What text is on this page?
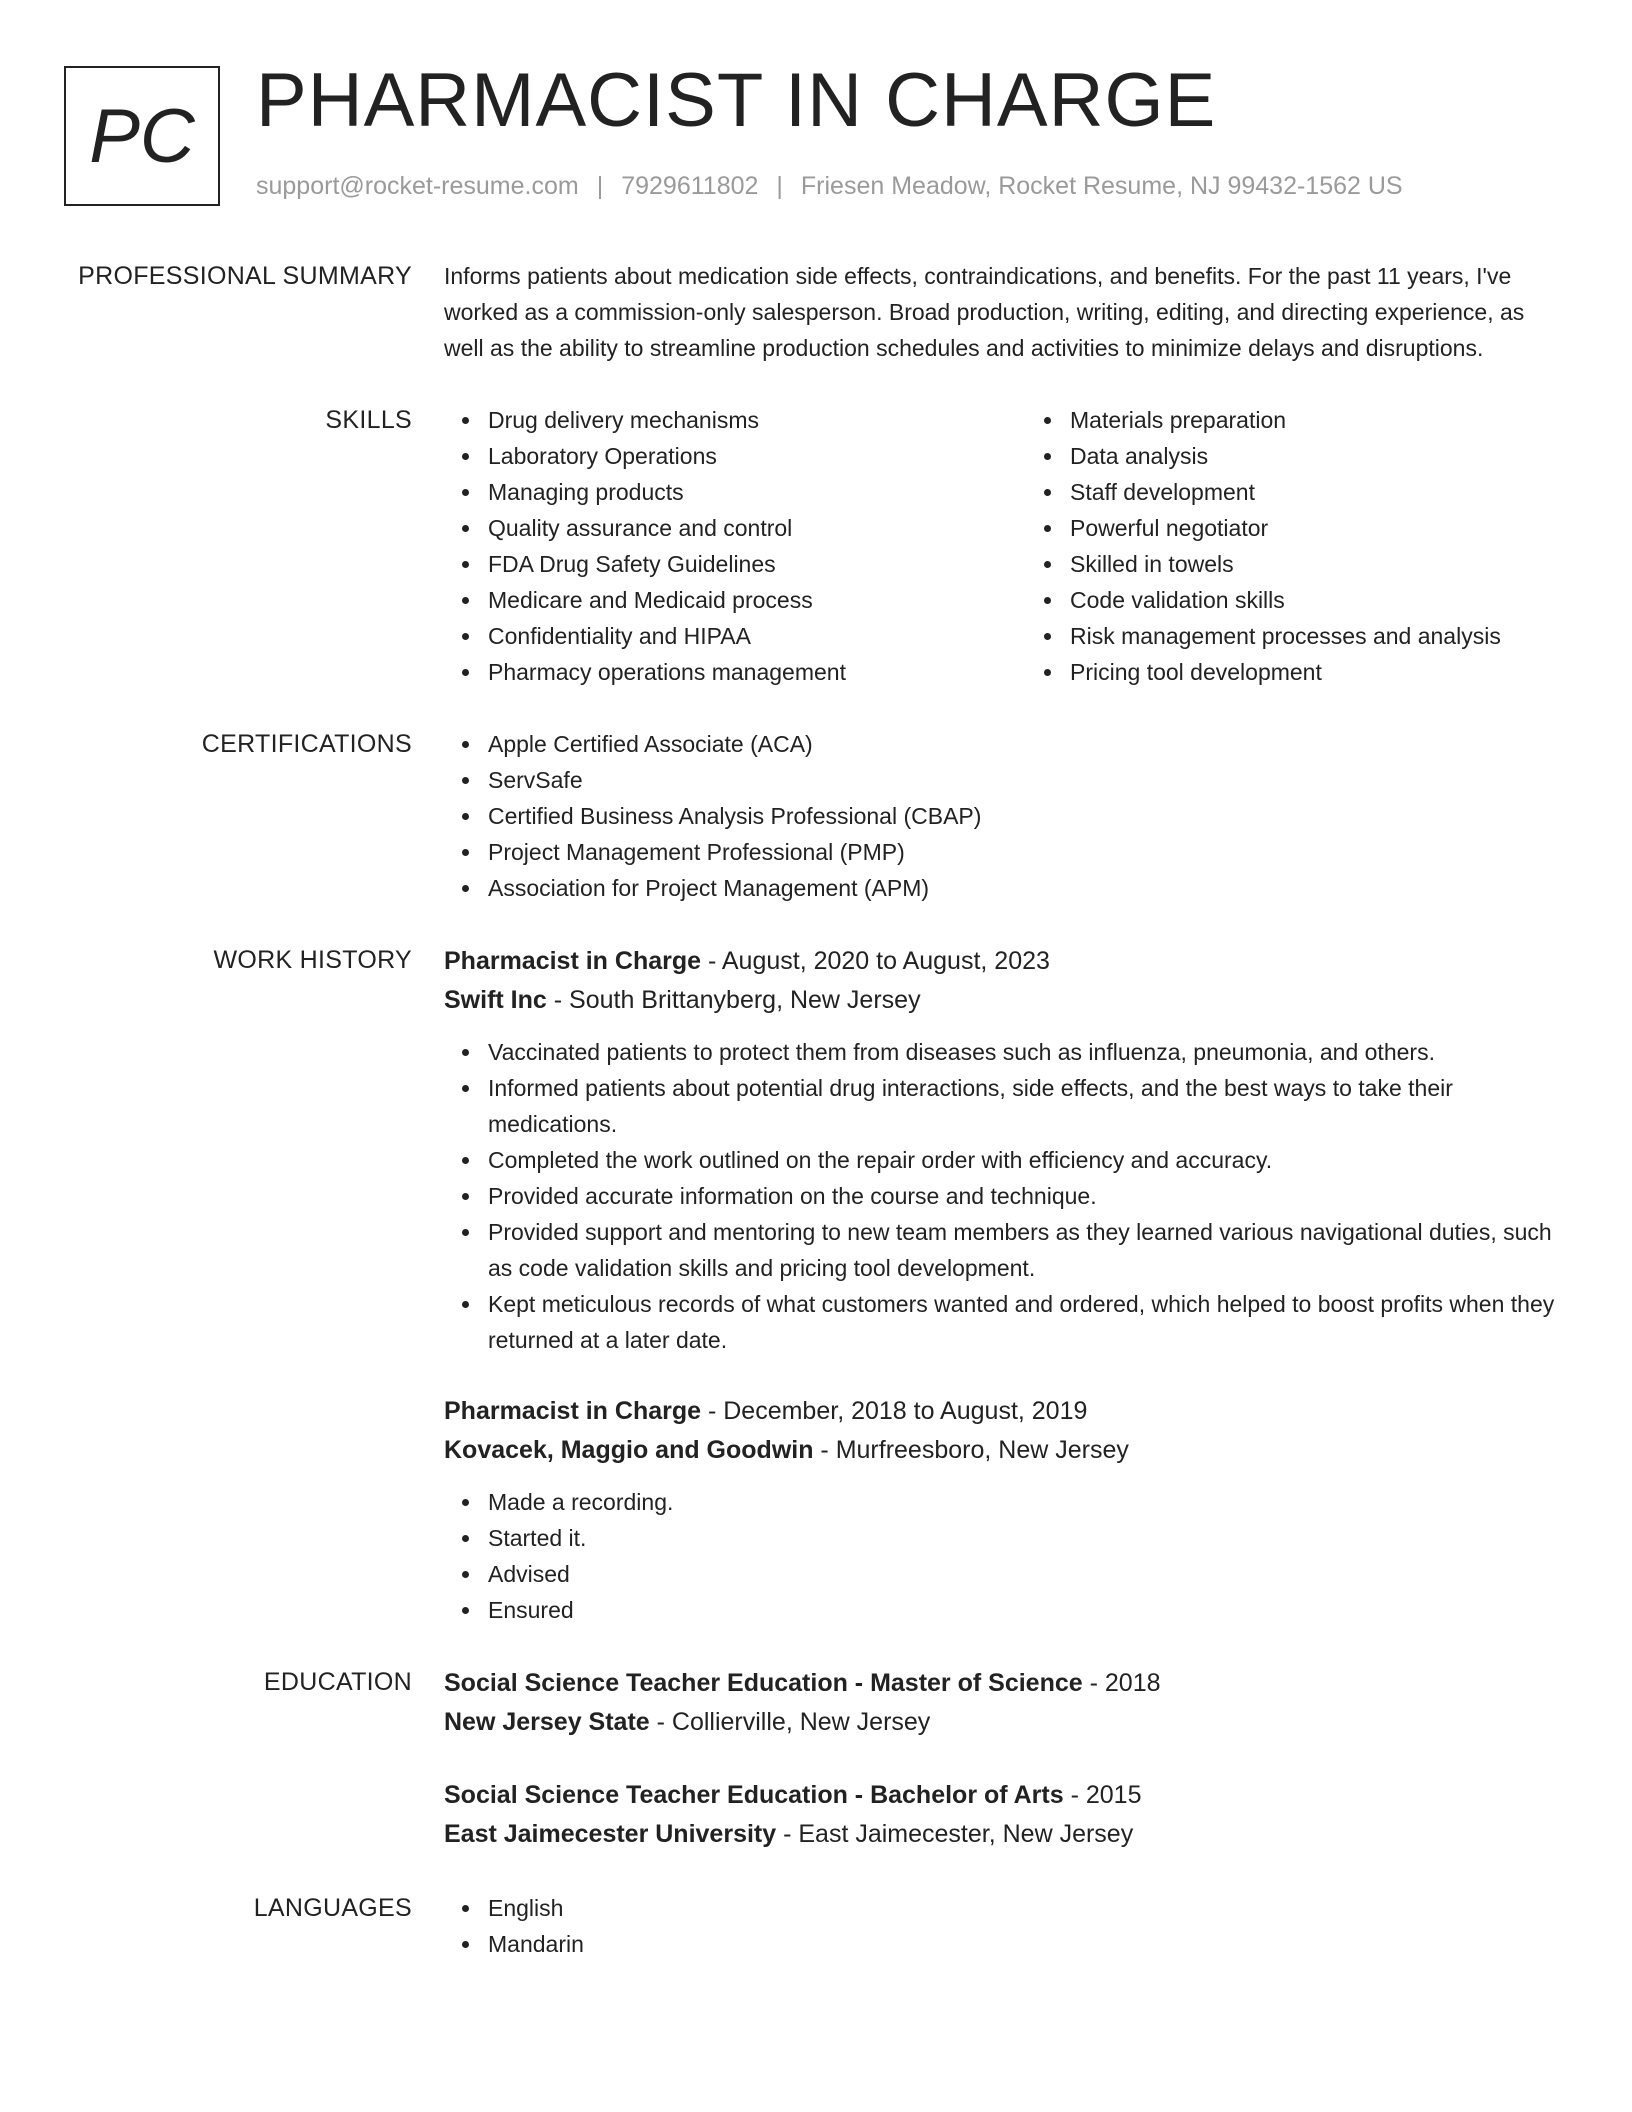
PC PHARMACIST IN CHARGE
support@rocket-resume.com | 7929611802 | Friesen Meadow, Rocket Resume, NJ 99432-1562 US
PROFESSIONAL SUMMARY Informs patients about medication side effects, contraindications, and benefits. For the past 11 years, I've worked as a commission-only salesperson. Broad production, writing, editing, and directing experience, as well as the ability to streamline production schedules and activities to minimize delays and disruptions.

SKILLS	Drug delivery mechanisms
Laboratory Operations
Managing products
Quality assurance and control
FDA Drug Safety Guidelines
Medicare and Medicaid process
Confidentiality and HIPAA
Pharmacy operations management
Materials preparation
Data analysis
Staff development
Powerful negotiator
Skilled in towels
Code validation skills
Risk management processes and analysis
Pricing tool development
CERTIFICATIONS	Apple Certified Associate (ACA)
ServSafe
Certified Business Analysis Professional (CBAP)
Project Management Professional (PMP)
Association for Project Management (APM)
WORK HISTORY Pharmacist in Charge - August, 2020 to August, 2023
Swift Inc - South Brittanyberg, New Jersey
Vaccinated patients to protect them from diseases such as influenza, pneumonia, and others.
Informed patients about potential drug interactions, side effects, and the best ways to take their medications.
Completed the work outlined on the repair order with efficiency and accuracy.
Provided accurate information on the course and technique.
Provided support and mentoring to new team members as they learned various navigational duties, such as code validation skills and pricing tool development.
Kept meticulous records of what customers wanted and ordered, which helped to boost profits when they returned at a later date.
Pharmacist in Charge - December, 2018 to August, 2019
Kovacek, Maggio and Goodwin - Murfreesboro, New Jersey
Made a recording.
Started it.
Advised
Ensured
EDUCATION Social Science Teacher Education - Master of Science - 2018
New Jersey State - Collierville, New Jersey
Social Science Teacher Education - Bachelor of Arts - 2015
East Jaimecester University - East Jaimecester, New Jersey
LANGUAGES	English
Mandarin
